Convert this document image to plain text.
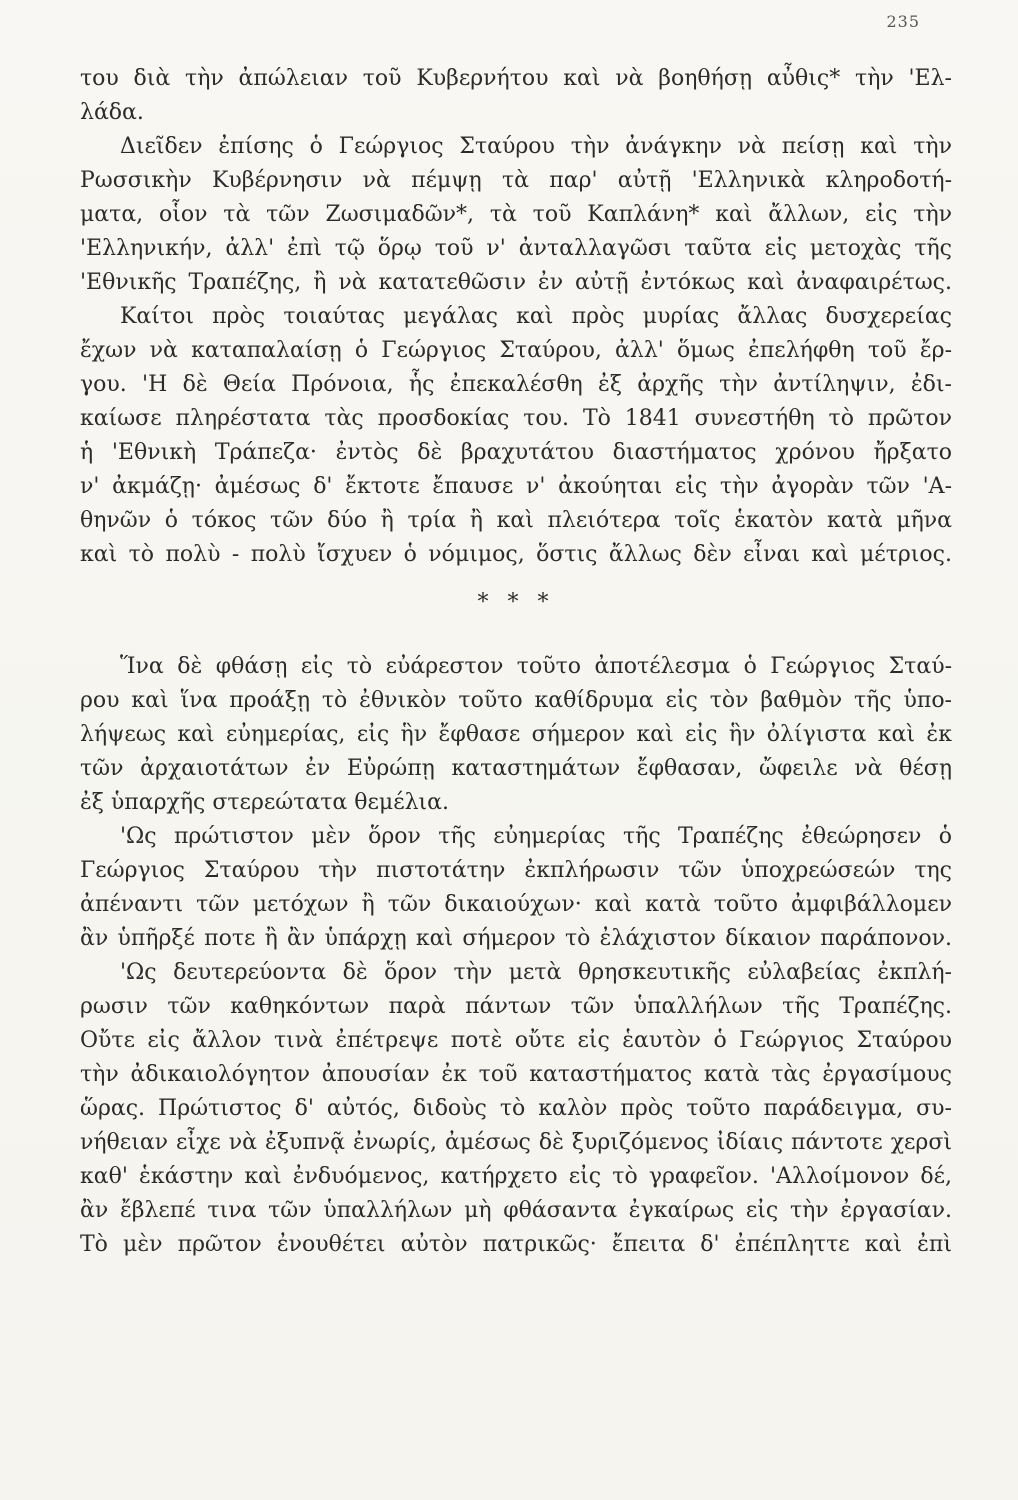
235
του διὰ τὴν ἀπώλειαν τοῦ Κυβερνήτου καὶ νὰ βοηθήσῃ αὖθις* τὴν 'Ελ-
λάδα.
Διεῖδεν ἐπίσης ὁ Γεώργιος Σταύρου τὴν ἀνάγκην νὰ πείσῃ καὶ τὴν
Ρωσσικὴν Κυβέρνησιν νὰ πέμψῃ τὰ παρ' αὐτῇ 'Ελληνικὰ κληροδοτή-
ματα, οἷον τὰ τῶν Ζωσιμαδῶν*, τὰ τοῦ Καπλάνη* καὶ ἄλλων, εἰς τὴν
'Ελληνικήν, ἀλλ' ἐπὶ τῷ ὅρῳ τοῦ ν' ἀνταλλαγῶσι ταῦτα εἰς μετοχὰς τῆς
'Εθνικῆς Τραπέζης, ἢ νὰ κατατεθῶσιν ἐν αὐτῇ ἐντόκως καὶ ἀναφαιρέτως.
Καίτοι πρὸς τοιαύτας μεγάλας καὶ πρὸς μυρίας ἄλλας δυσχερείας
ἔχων νὰ καταπαλαίσῃ ὁ Γεώργιος Σταύρου, ἀλλ' ὅμως ἐπελήφθη τοῦ ἔρ-
γου. 'Η δὲ Θεία Πρόνοια, ἧς ἐπεκαλέσθη ἐξ ἀρχῆς τὴν ἀντίληψιν, ἐδι-
καίωσε πληρέστατα τὰς προσδοκίας του. Τὸ 1841 συνεστήθη τὸ πρῶτον
ἡ 'Εθνικὴ Τράπεζα· ἐντὸς δὲ βραχυτάτου διαστήματος χρόνου ἤρξατο
ν' ἀκμάζῃ· ἀμέσως δ' ἔκτοτε ἔπαυσε ν' ἀκούηται εἰς τὴν ἀγορὰν τῶν 'Α-
θηνῶν ὁ τόκος τῶν δύο ἢ τρία ἢ καὶ πλειότερα τοῖς ἑκατὸν κατὰ μῆνα
καὶ τὸ πολὺ - πολὺ ἴσχυεν ὁ νόμιμος, ὅστις ἄλλως δὲν εἶναι καὶ μέτριος.
* * *
Ἵνα δὲ φθάσῃ εἰς τὸ εὐάρεστον τοῦτο ἀποτέλεσμα ὁ Γεώργιος Σταύ-
ρου καὶ ἵνα προάξῃ τὸ ἐθνικὸν τοῦτο καθίδρυμα εἰς τὸν βαθμὸν τῆς ὑπο-
λήψεως καὶ εὐημερίας, εἰς ἣν ἔφθασε σήμερον καὶ εἰς ἣν ὀλίγιστα καὶ ἐκ
τῶν ἀρχαιοτάτων ἐν Εὐρώπῃ καταστημάτων ἔφθασαν, ὤφειλε νὰ θέσῃ
ἐξ ὑπαρχῆς στερεώτατα θεμέλια.
'Ως πρώτιστον μὲν ὅρον τῆς εὐημερίας τῆς Τραπέζης ἐθεώρησεν ὁ
Γεώργιος Σταύρου τὴν πιστοτάτην ἐκπλήρωσιν τῶν ὑποχρεώσεών της
ἀπέναντι τῶν μετόχων ἢ τῶν δικαιούχων· καὶ κατὰ τοῦτο ἀμφιβάλλομεν
ἂν ὑπῆρξέ ποτε ἢ ἂν ὑπάρχῃ καὶ σήμερον τὸ ἐλάχιστον δίκαιον παράπονον.
'Ως δευτερεύοντα δὲ ὅρον τὴν μετὰ θρησκευτικῆς εὐλαβείας ἐκπλή-
ρωσιν τῶν καθηκόντων παρὰ πάντων τῶν ὑπαλλήλων τῆς Τραπέζης.
Οὔτε εἰς ἄλλον τινὰ ἐπέτρεψε ποτὲ οὔτε εἰς ἑαυτὸν ὁ Γεώργιος Σταύρου
τὴν ἀδικαιολόγητον ἀπουσίαν ἐκ τοῦ καταστήματος κατὰ τὰς ἐργασίμους
ὥρας. Πρώτιστος δ' αὐτός, διδοὺς τὸ καλὸν πρὸς τοῦτο παράδειγμα, συ-
νήθειαν εἶχε νὰ ἐξυπνᾷ ἐνωρίς, ἀμέσως δὲ ξυριζόμενος ἰδίαις πάντοτε χερσὶ
καθ' ἑκάστην καὶ ἐνδυόμενος, κατήρχετο εἰς τὸ γραφεῖον. 'Αλλοίμονον δέ,
ἂν ἔβλεπέ τινα τῶν ὑπαλλήλων μὴ φθάσαντα ἐγκαίρως εἰς τὴν ἐργασίαν.
Τὸ μὲν πρῶτον ἐνουθέτει αὐτὸν πατρικῶς· ἔπειτα δ' ἐπέπληττε καὶ ἐπὶ
